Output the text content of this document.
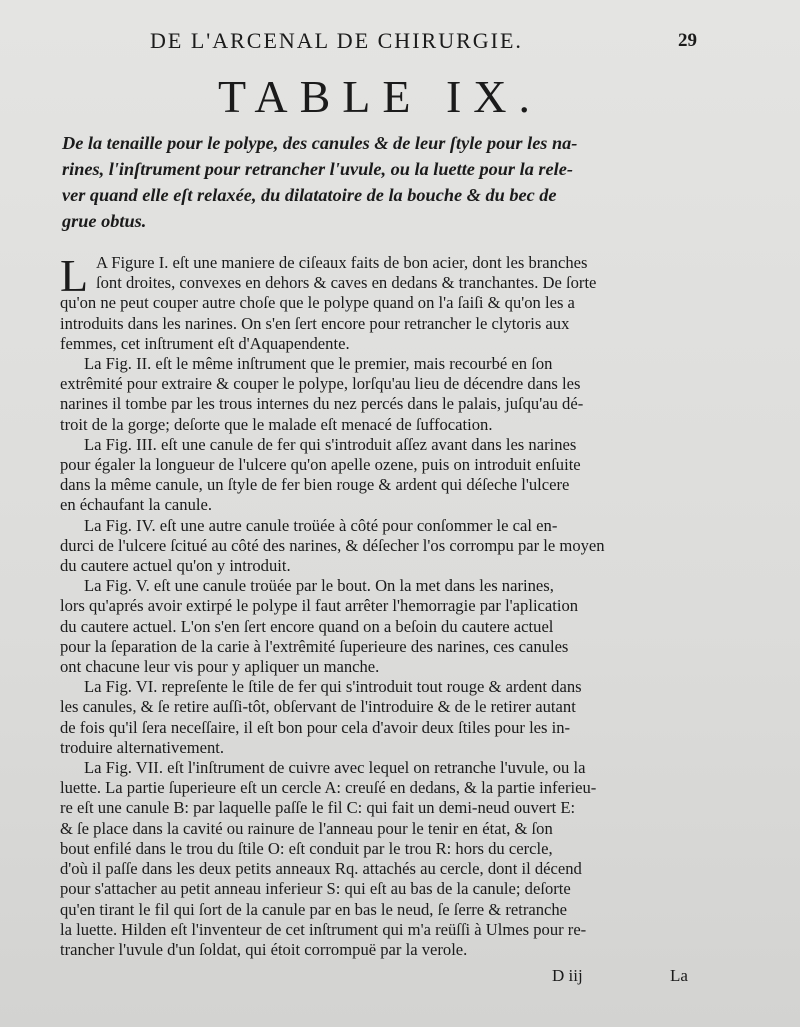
DE L'ARCENAL DE CHIRURGIE.	29
TABLE IX.
De la tenaille pour le polype, des canules & de leur ſtyle pour les na-
rines, l'inſtrument pour retrancher l'uvule, ou la luette pour la rele-
ver quand elle eſt relaxée, du dilatatoire de la bouche & du bec de
grue obtus.
L A Figure I. eſt une maniere de ciſeaux faits de bon acier, dont les branches
ſont droites, convexes en dehors & caves en dedans & tranchantes. De ſorte
qu'on ne peut couper autre choſe que le polype quand on l'a ſaiſi & qu'on les a
introduits dans les narines. On s'en ſert encore pour retrancher le clytoris aux
femmes, cet inſtrument eſt d'Aquapendente.
La Fig. II. eſt le même inſtrument que le premier, mais recourbé en ſon
extrêmité pour extraire & couper le polype, lorſqu'au lieu de décendre dans les
narines il tombe par les trous internes du nez percés dans le palais, juſqu'au dé-
troit de la gorge; deſorte que le malade eſt menacé de ſuffocation.
La Fig. III. eſt une canule de fer qui s'introduit aſſez avant dans les narines
pour égaler la longueur de l'ulcere qu'on apelle ozene, puis on introduit enſuite
dans la même canule, un ſtyle de fer bien rouge & ardent qui déſeche l'ulcere
en échaufant la canule.
La Fig. IV. eſt une autre canule troüée à côté pour conſommer le cal en-
durci de l'ulcere ſcitué au côté des narines, & déſecher l'os corrompu par le moyen
du cautere actuel qu'on y introduit.
La Fig. V. eſt une canule troüée par le bout. On la met dans les narines,
lors qu'aprés avoir extirpé le polype il faut arrêter l'hemorragie par l'aplication
du cautere actuel. L'on s'en ſert encore quand on a beſoin du cautere actuel
pour la ſeparation de la carie à l'extrêmité ſuperieure des narines, ces canules
ont chacune leur vis pour y apliquer un manche.
La Fig. VI. repreſente le ſtile de fer qui s'introduit tout rouge & ardent dans
les canules, & ſe retire auſſi-tôt, obſervant de l'introduire & de le retirer autant
de fois qu'il ſera neceſſaire, il eſt bon pour cela d'avoir deux ſtiles pour les in-
troduire alternativement.
La Fig. VII. eſt l'inſtrument de cuivre avec lequel on retranche l'uvule, ou la
luette. La partie ſuperieure eſt un cercle A: creuſé en dedans, & la partie inferieu-
re eſt une canule B: par laquelle paſſe le fil C: qui fait un demi-neud ouvert E:
& ſe place dans la cavité ou rainure de l'anneau pour le tenir en état, & ſon
bout enfilé dans le trou du ſtile O: eſt conduit par le trou R: hors du cercle,
d'où il paſſe dans les deux petits anneaux Rq. attachés au cercle, dont il décend
pour s'attacher au petit anneau inferieur S: qui eſt au bas de la canule; deſorte
qu'en tirant le fil qui ſort de la canule par en bas le neud, ſe ſerre & retranche
la luette. Hilden eſt l'inventeur de cet inſtrument qui m'a reüſſi à Ulmes pour re-
trancher l'uvule d'un ſoldat, qui étoit corrompuë par la verole.
D iij	La
